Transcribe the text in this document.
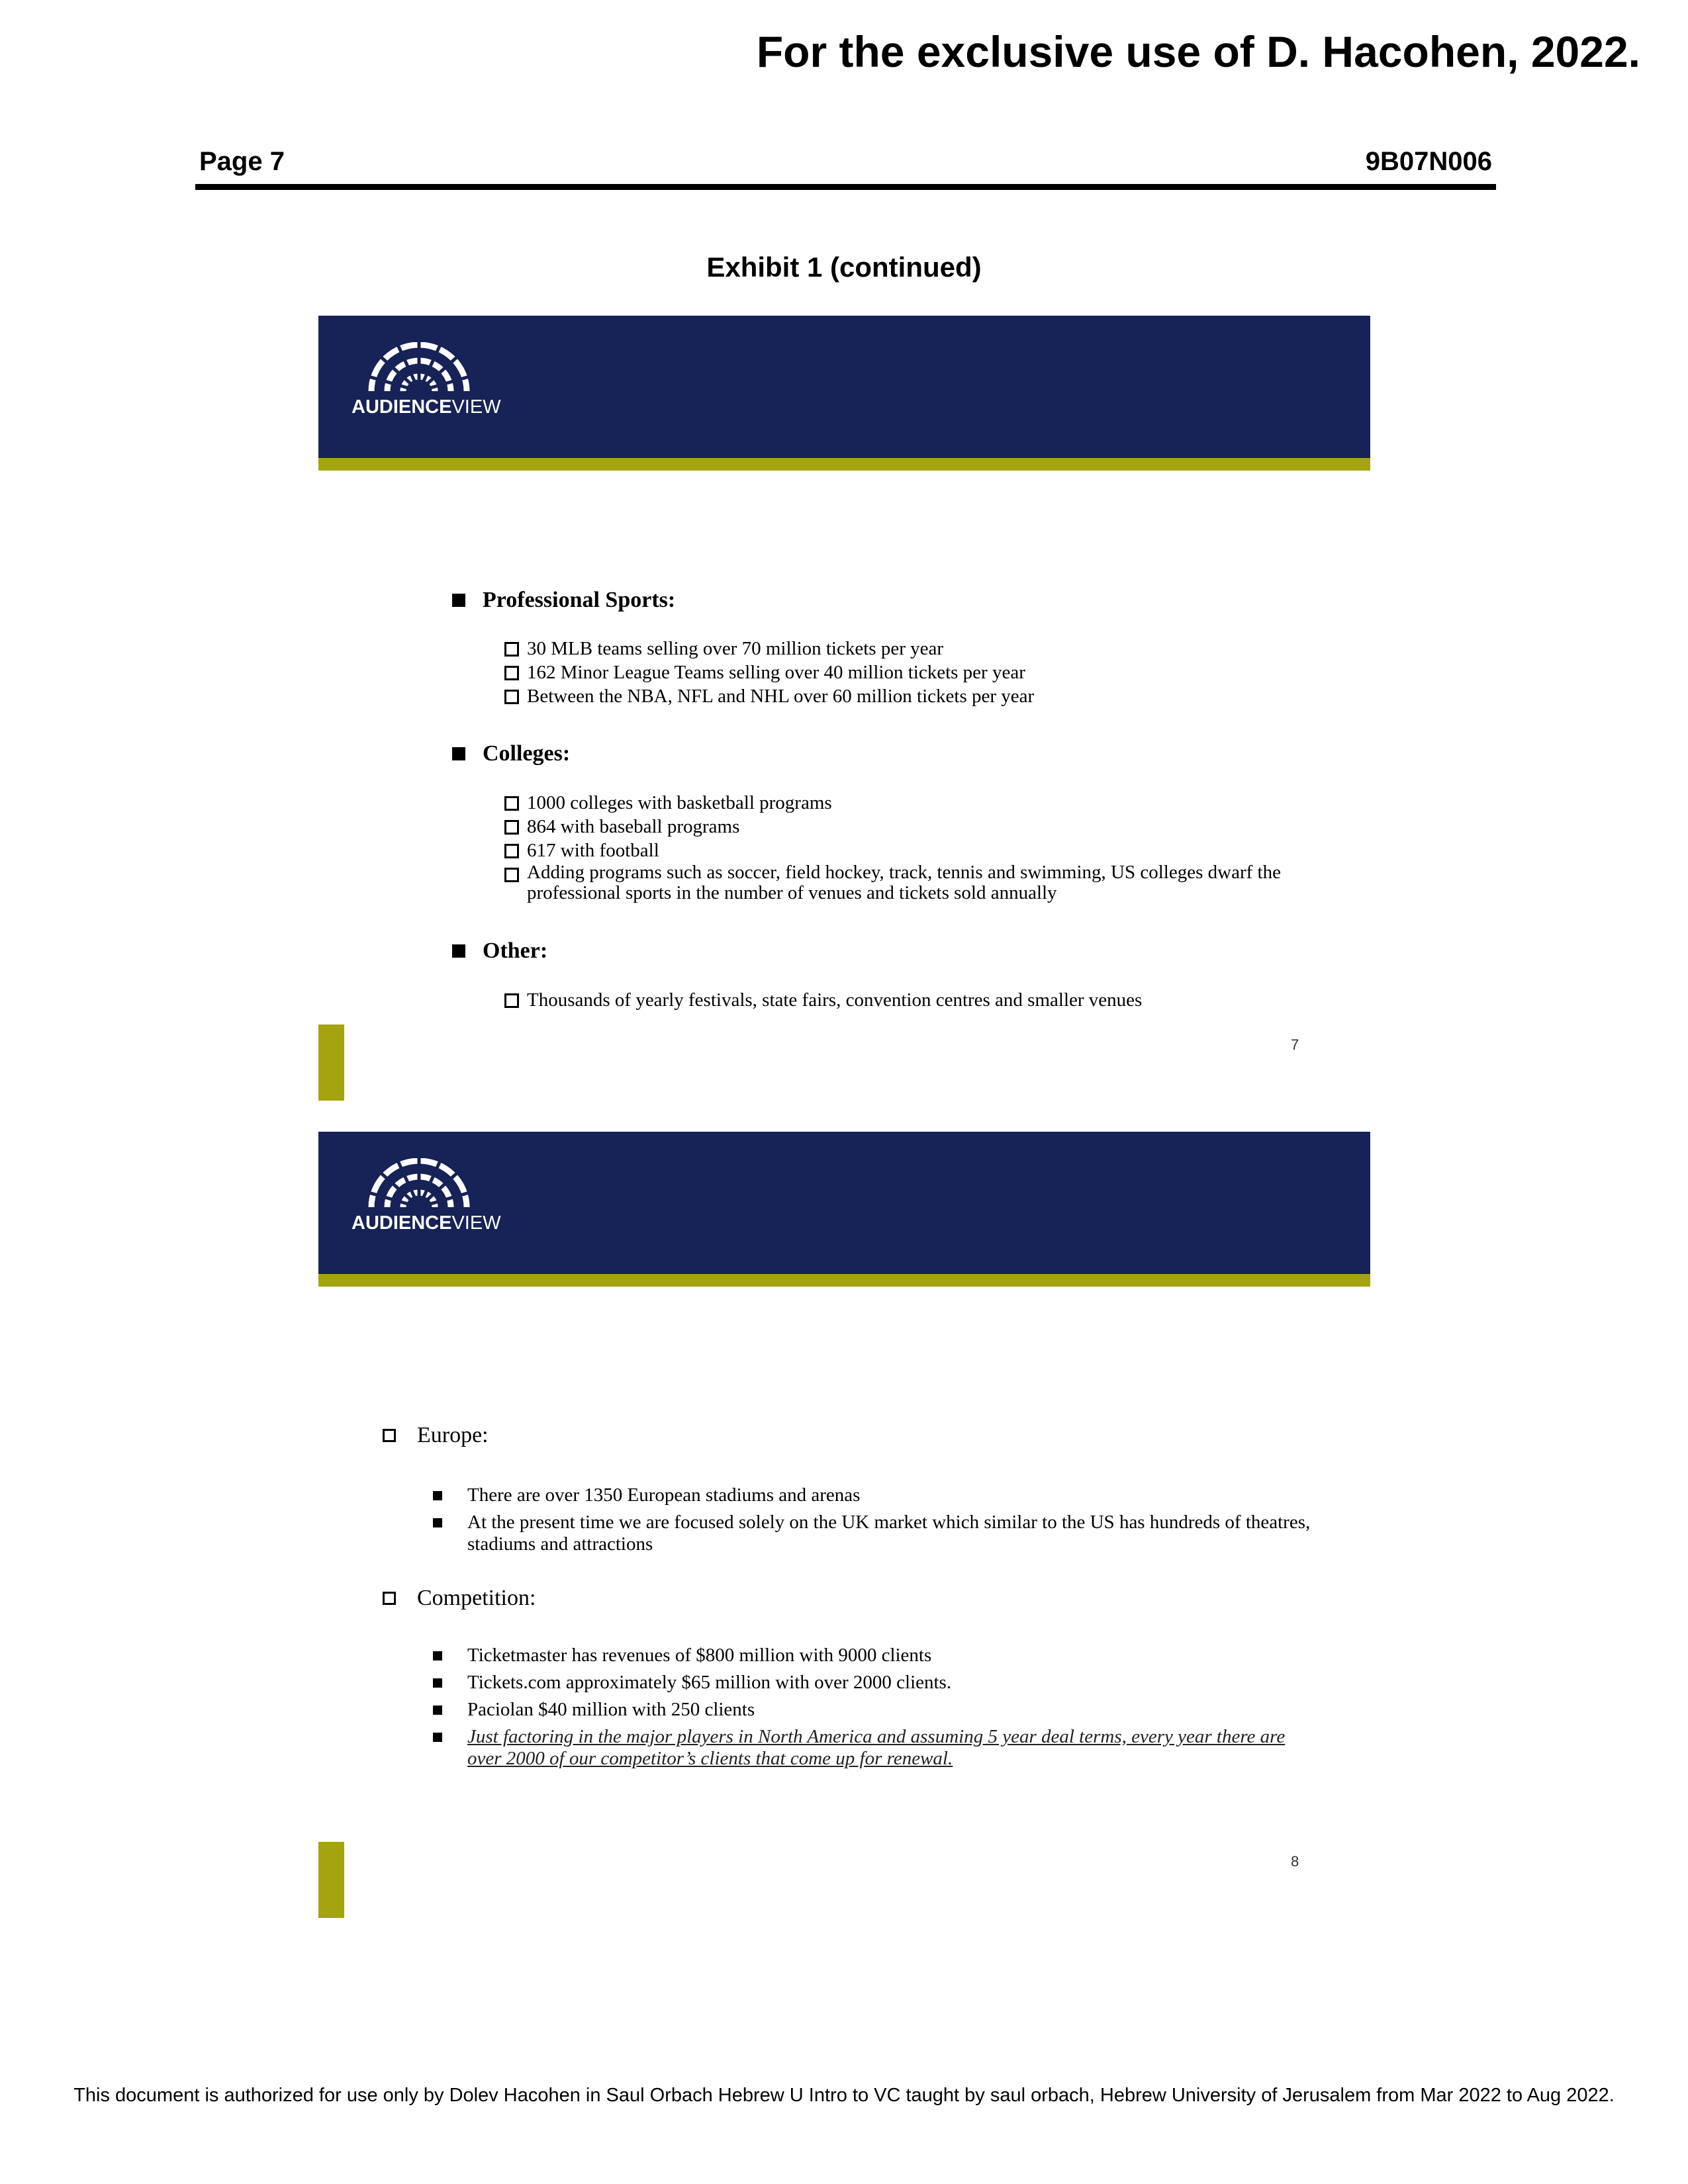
For the exclusive use of D. Hacohen, 2022.
Page 7	9B07N006
Exhibit 1 (continued)
AUDIENCEVIEW
Professional Sports:
30 MLB teams selling over 70 million tickets per year
162 Minor League Teams selling over 40 million tickets per year
Between the NBA, NFL and NHL over 60 million tickets per year
Colleges:
1000 colleges with basketball programs
864 with baseball programs
617 with football
Adding programs such as soccer, field hockey, track, tennis and swimming, US colleges dwarf the professional sports in the number of venues and tickets sold annually
Other:
Thousands of yearly festivals, state fairs, convention centres and smaller venues
7
AUDIENCEVIEW
Europe:
There are over 1350 European stadiums and arenas
At the present time we are focused solely on the UK market which similar to the US has hundreds of theatres, stadiums and attractions
Competition:
Ticketmaster has revenues of $800 million with 9000 clients
Tickets.com approximately $65 million with over 2000 clients.
Paciolan $40 million with 250 clients
Just factoring in the major players in North America and assuming 5 year deal terms, every year there are over 2000 of our competitor’s clients that come up for renewal.
8
This document is authorized for use only by Dolev Hacohen in Saul Orbach Hebrew U Intro to VC taught by saul orbach, Hebrew University of Jerusalem from Mar 2022 to Aug 2022.
